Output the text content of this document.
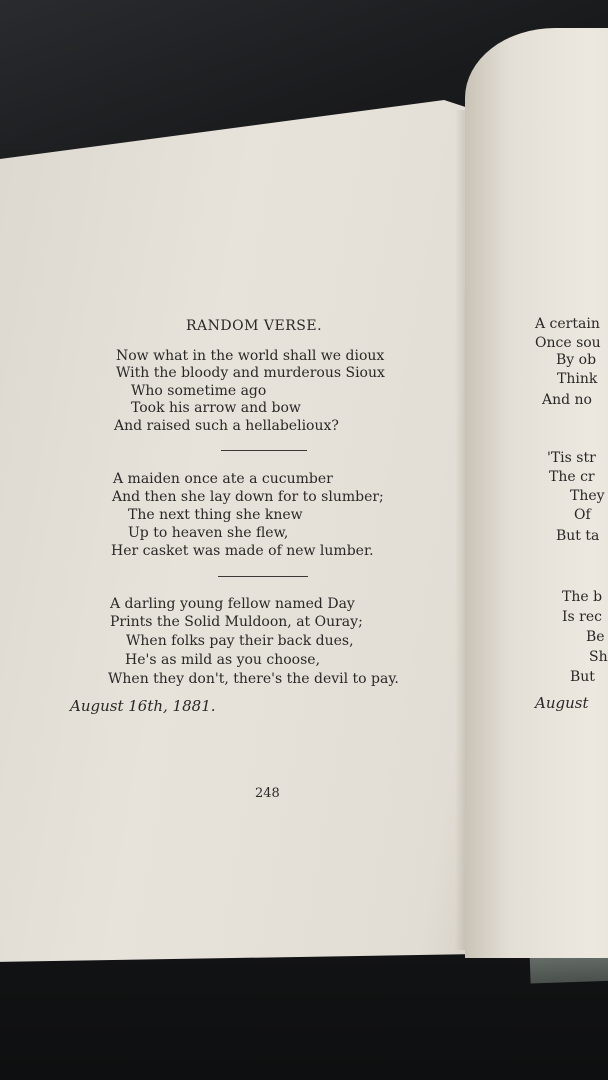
RANDOM VERSE.
Now what in the world shall we dioux
With the bloody and murderous Sioux
Who sometime ago
Took his arrow and bow
And raised such a hellabelioux?
A maiden once ate a cucumber
And then she lay down for to slumber;
The next thing she knew
Up to heaven she flew,
Her casket was made of new lumber.
A darling young fellow named Day
Prints the Solid Muldoon, at Ouray;
When folks pay their back dues,
He's as mild as you choose,
When they don't, there's the devil to pay.
August 16th, 1881.
248
A certain
Once sou
By ob
Think
And no
'Tis str
The cr
They
Of
But ta
The b
Is rec
Be
Sh
But
August
